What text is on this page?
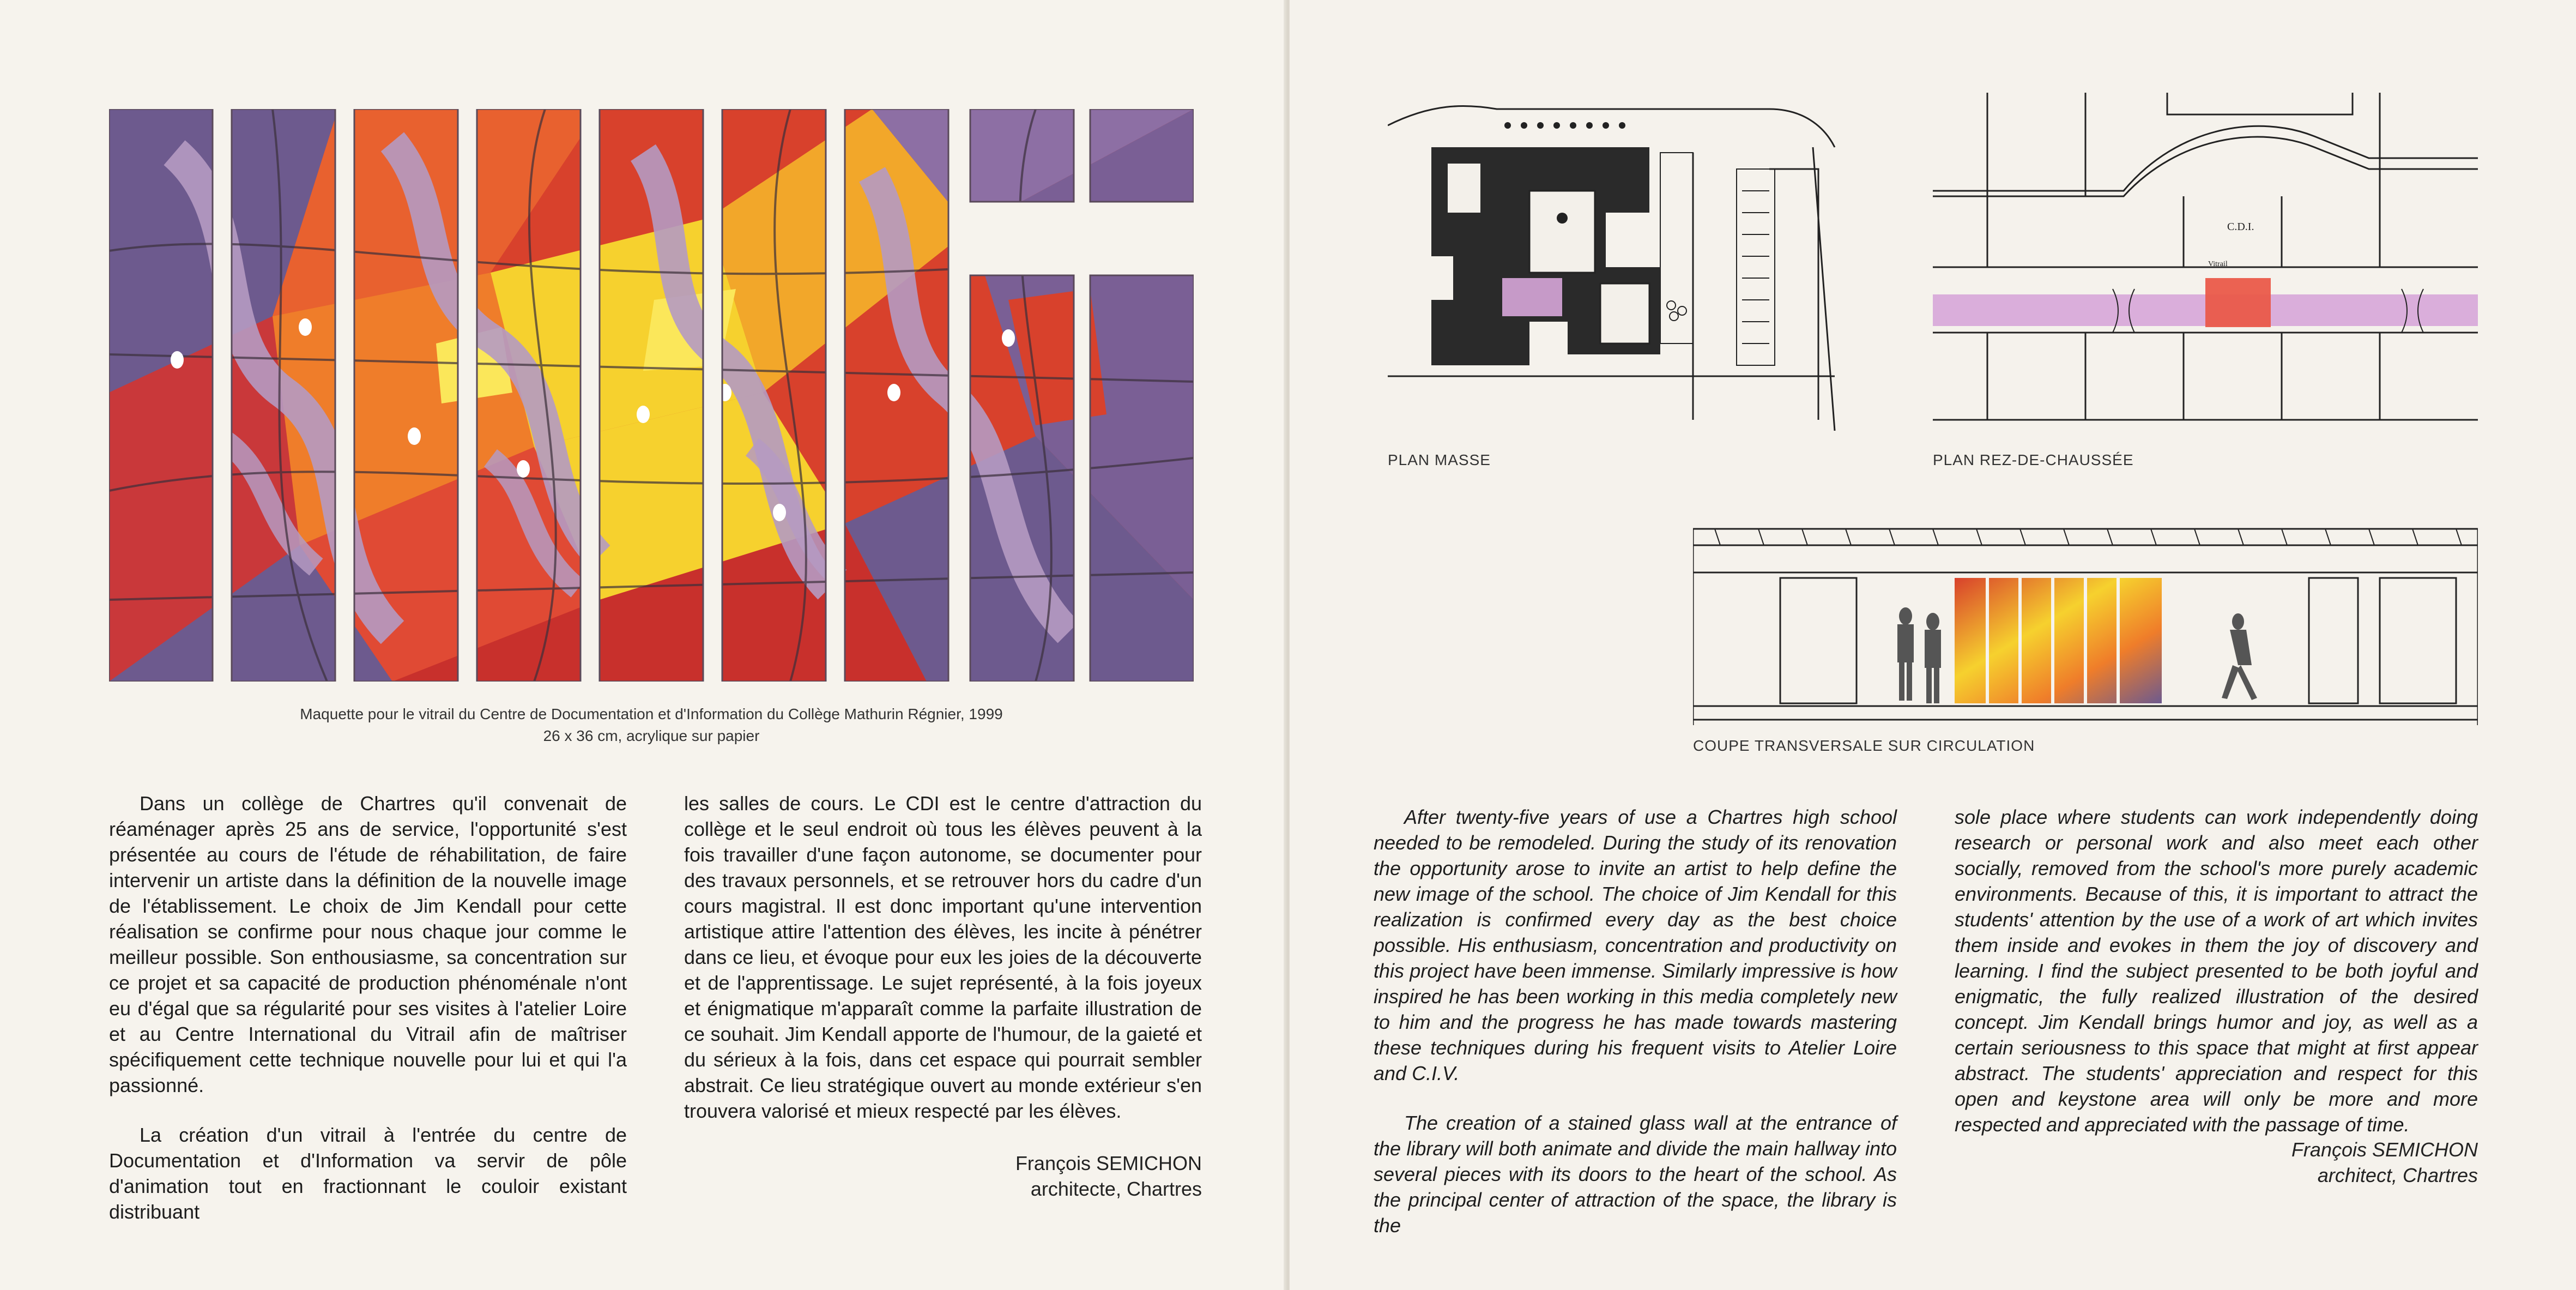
Maquette pour le vitrail du Centre de Documentation et d'Information du Collège Mathurin Régnier, 1999
26 x 36 cm, acrylique sur papier

Dans un collège de Chartres qu'il convenait de réaménager après 25 ans de service, l'opportunité s'est présentée au cours de l'étude de réhabilitation, de faire intervenir un artiste dans la définition de la nouvelle image de l'établissement. Le choix de Jim Kendall pour cette réalisation se confirme pour nous chaque jour comme le meilleur possible. Son enthousiasme, sa concentration sur ce projet et sa capacité de production phénoménale n'ont eu d'égal que sa régularité pour ses visites à l'atelier Loire et au Centre International du Vitrail afin de maîtriser spécifiquement cette technique nouvelle pour lui et qui l'a passionné.

La création d'un vitrail à l'entrée du centre de Documentation et d'Information va servir de pôle d'animation tout en fractionnant le couloir existant distribuant

les salles de cours. Le CDI est le centre d'attraction du collège et le seul endroit où tous les élèves peuvent à la fois travailler d'une façon autonome, se documenter pour des travaux personnels, et se retrouver hors du cadre d'un cours magistral. Il est donc important qu'une intervention artistique attire l'attention des élèves, les incite à pénétrer dans ce lieu, et évoque pour eux les joies de la découverte et de l'apprentissage. Le sujet représenté, à la fois joyeux et énigmatique m'apparaît comme la parfaite illustration de ce souhait. Jim Kendall apporte de l'humour, de la gaieté et du sérieux à la fois, dans cet espace qui pourrait sembler abstrait. Ce lieu stratégique ouvert au monde extérieur s'en trouvera valorisé et mieux respecté par les élèves.

François SEMICHON
architecte, Chartres
PLAN MASSE
C.D.I.
Vitrail
PLAN REZ-DE-CHAUSSÉE
COUPE TRANSVERSALE SUR CIRCULATION

After twenty-five years of use a Chartres high school needed to be remodeled. During the study of its renovation the opportunity arose to invite an artist to help define the new image of the school. The choice of Jim Kendall for this realization is confirmed every day as the best choice possible. His enthusiasm, concentration and productivity on this project have been immense. Similarly impressive is how inspired he has been working in this media completely new to him and the progress he has made towards mastering these techniques during his frequent visits to Atelier Loire and C.I.V.

The creation of a stained glass wall at the entrance of the library will both animate and divide the main hallway into several pieces with its doors to the heart of the school. As the principal center of attraction of the space, the library is the

sole place where students can work independently doing research or personal work and also meet each other socially, removed from the school's more purely academic environments. Because of this, it is important to attract the students' attention by the use of a work of art which invites them inside and evokes in them the joy of discovery and learning. I find the subject presented to be both joyful and enigmatic, the fully realized illustration of the desired concept. Jim Kendall brings humor and joy, as well as a certain seriousness to this space that might at first appear abstract. The students' appreciation and respect for this open and keystone area will only be more and more respected and appreciated with the passage of time.

François SEMICHON
architect, Chartres
